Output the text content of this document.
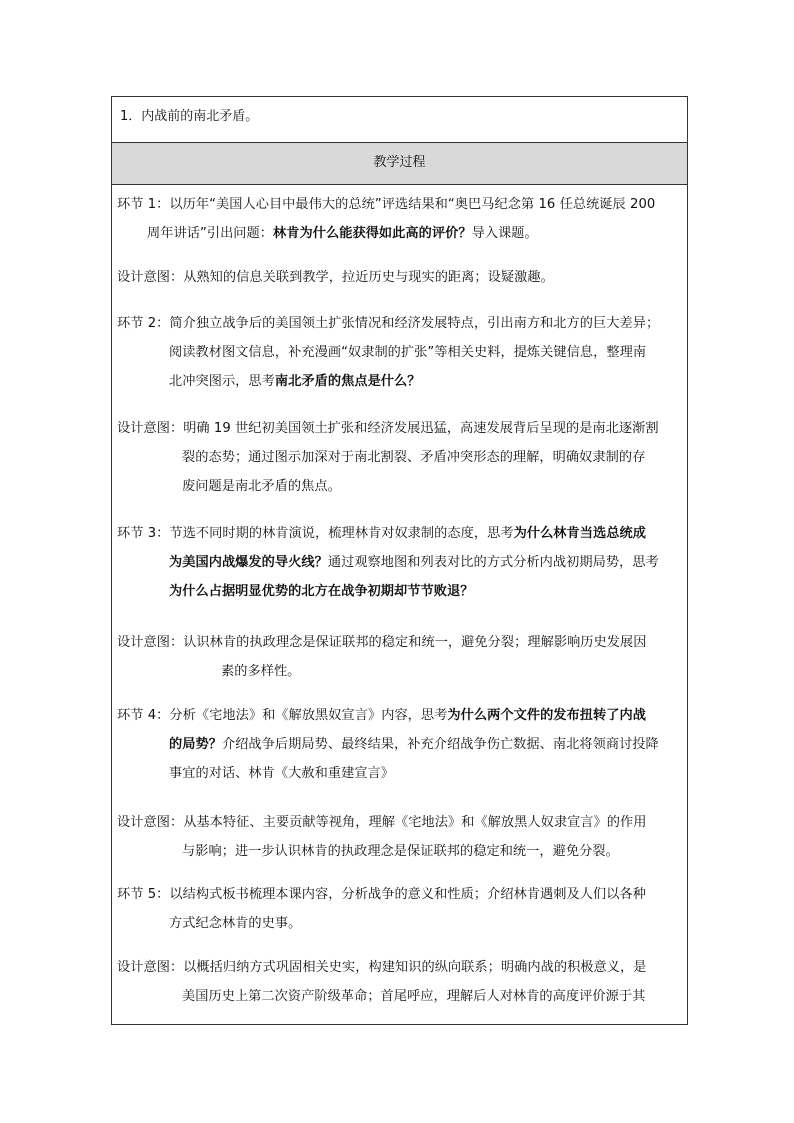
1．内战前的南北矛盾。
教学过程
环节 1：以历年“美国人心目中最伟大的总统”评选结果和“奥巴马纪念第 16 任总统诞辰 200
周年讲话”引出问题：林肯为什么能获得如此高的评价？导入课题。
设计意图：从熟知的信息关联到教学，拉近历史与现实的距离；设疑激趣。
环节 2：简介独立战争后的美国领土扩张情况和经济发展特点，引出南方和北方的巨大差异；
阅读教材图文信息，补充漫画“奴隶制的扩张”等相关史料，提炼关键信息，整理南
北冲突图示，思考南北矛盾的焦点是什么？
设计意图：明确 19 世纪初美国领土扩张和经济发展迅猛，高速发展背后呈现的是南北逐渐割
裂的态势；通过图示加深对于南北割裂、矛盾冲突形态的理解，明确奴隶制的存
废问题是南北矛盾的焦点。
环节 3：节选不同时期的林肯演说，梳理林肯对奴隶制的态度，思考为什么林肯当选总统成
为美国内战爆发的导火线？通过观察地图和列表对比的方式分析内战初期局势，思考
为什么占据明显优势的北方在战争初期却节节败退？
设计意图：认识林肯的执政理念是保证联邦的稳定和统一，避免分裂；理解影响历史发展因
素的多样性。
环节 4：分析《宅地法》和《解放黑奴宣言》内容，思考为什么两个文件的发布扭转了内战
的局势？介绍战争后期局势、最终结果，补充介绍战争伤亡数据、南北将领商讨投降
事宜的对话、林肯《大赦和重建宣言》
设计意图：从基本特征、主要贡献等视角，理解《宅地法》和《解放黑人奴隶宣言》的作用
与影响；进一步认识林肯的执政理念是保证联邦的稳定和统一，避免分裂。
环节 5：以结构式板书梳理本课内容，分析战争的意义和性质；介绍林肯遇刺及人们以各种
方式纪念林肯的史事。
设计意图：以概括归纳方式巩固相关史实，构建知识的纵向联系；明确内战的积极意义，是
美国历史上第二次资产阶级革命；首尾呼应，理解后人对林肯的高度评价源于其
